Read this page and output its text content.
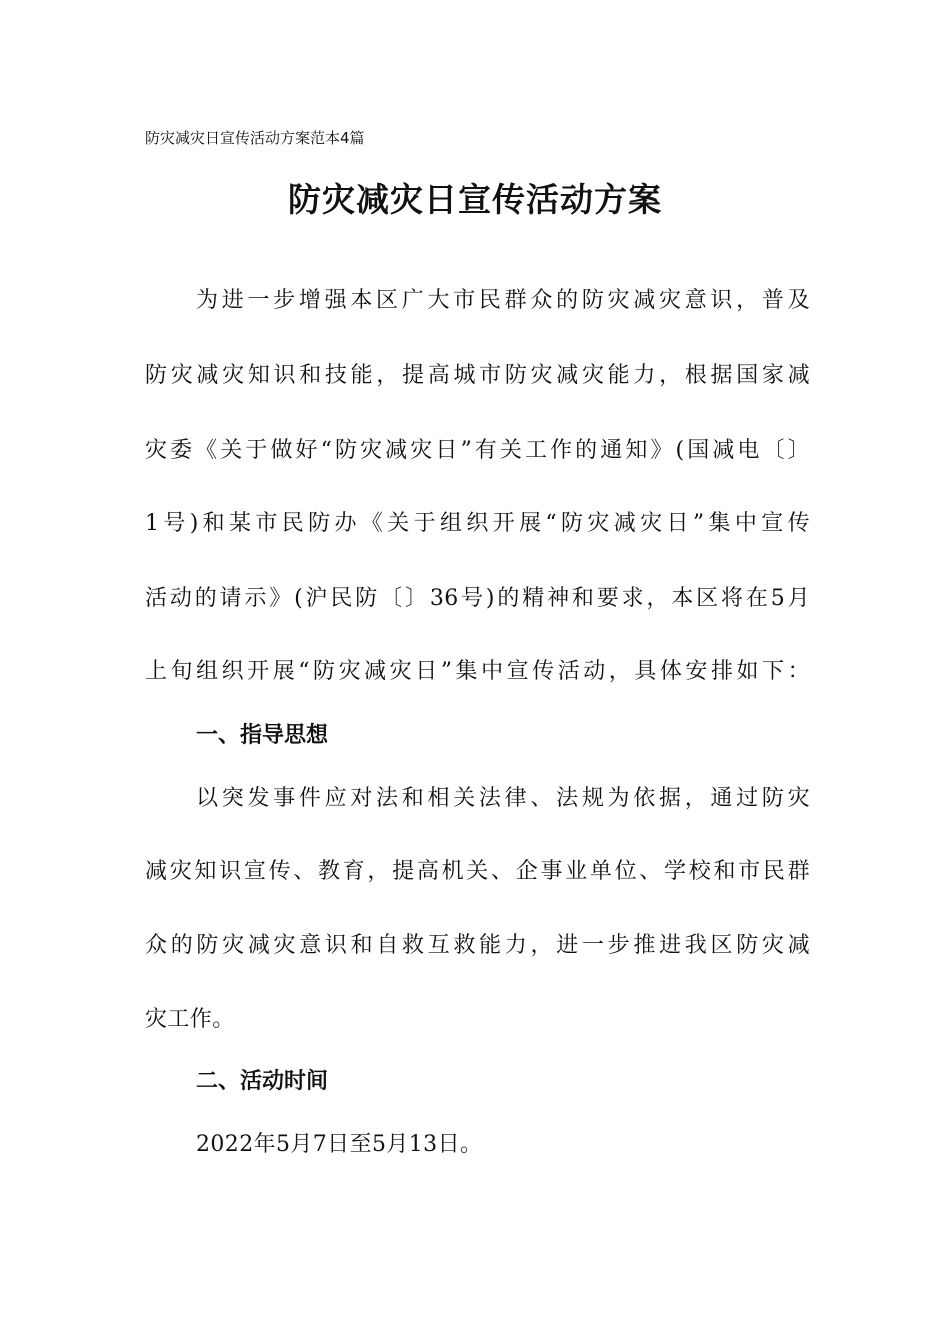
防灾减灾日宣传活动方案范本4篇
防灾减灾日宣传活动方案
为进一步增强本区广大市民群众的防灾减灾意识，普及
防灾减灾知识和技能，提高城市防灾减灾能力，根据国家减
灾委《关于做好“防灾减灾日”有关工作的通知》(国减电〔〕
1号)和某市民防办《关于组织开展“防灾减灾日”集中宣传
活动的请示》(沪民防〔〕36号)的精神和要求，本区将在5月
上旬组织开展“防灾减灾日”集中宣传活动，具体安排如下：
一、指导思想
以突发事件应对法和相关法律、法规为依据，通过防灾
减灾知识宣传、教育，提高机关、企事业单位、学校和市民群
众的防灾减灾意识和自救互救能力，进一步推进我区防灾减
灾工作。
二、活动时间
2022年5月7日至5月13日。
